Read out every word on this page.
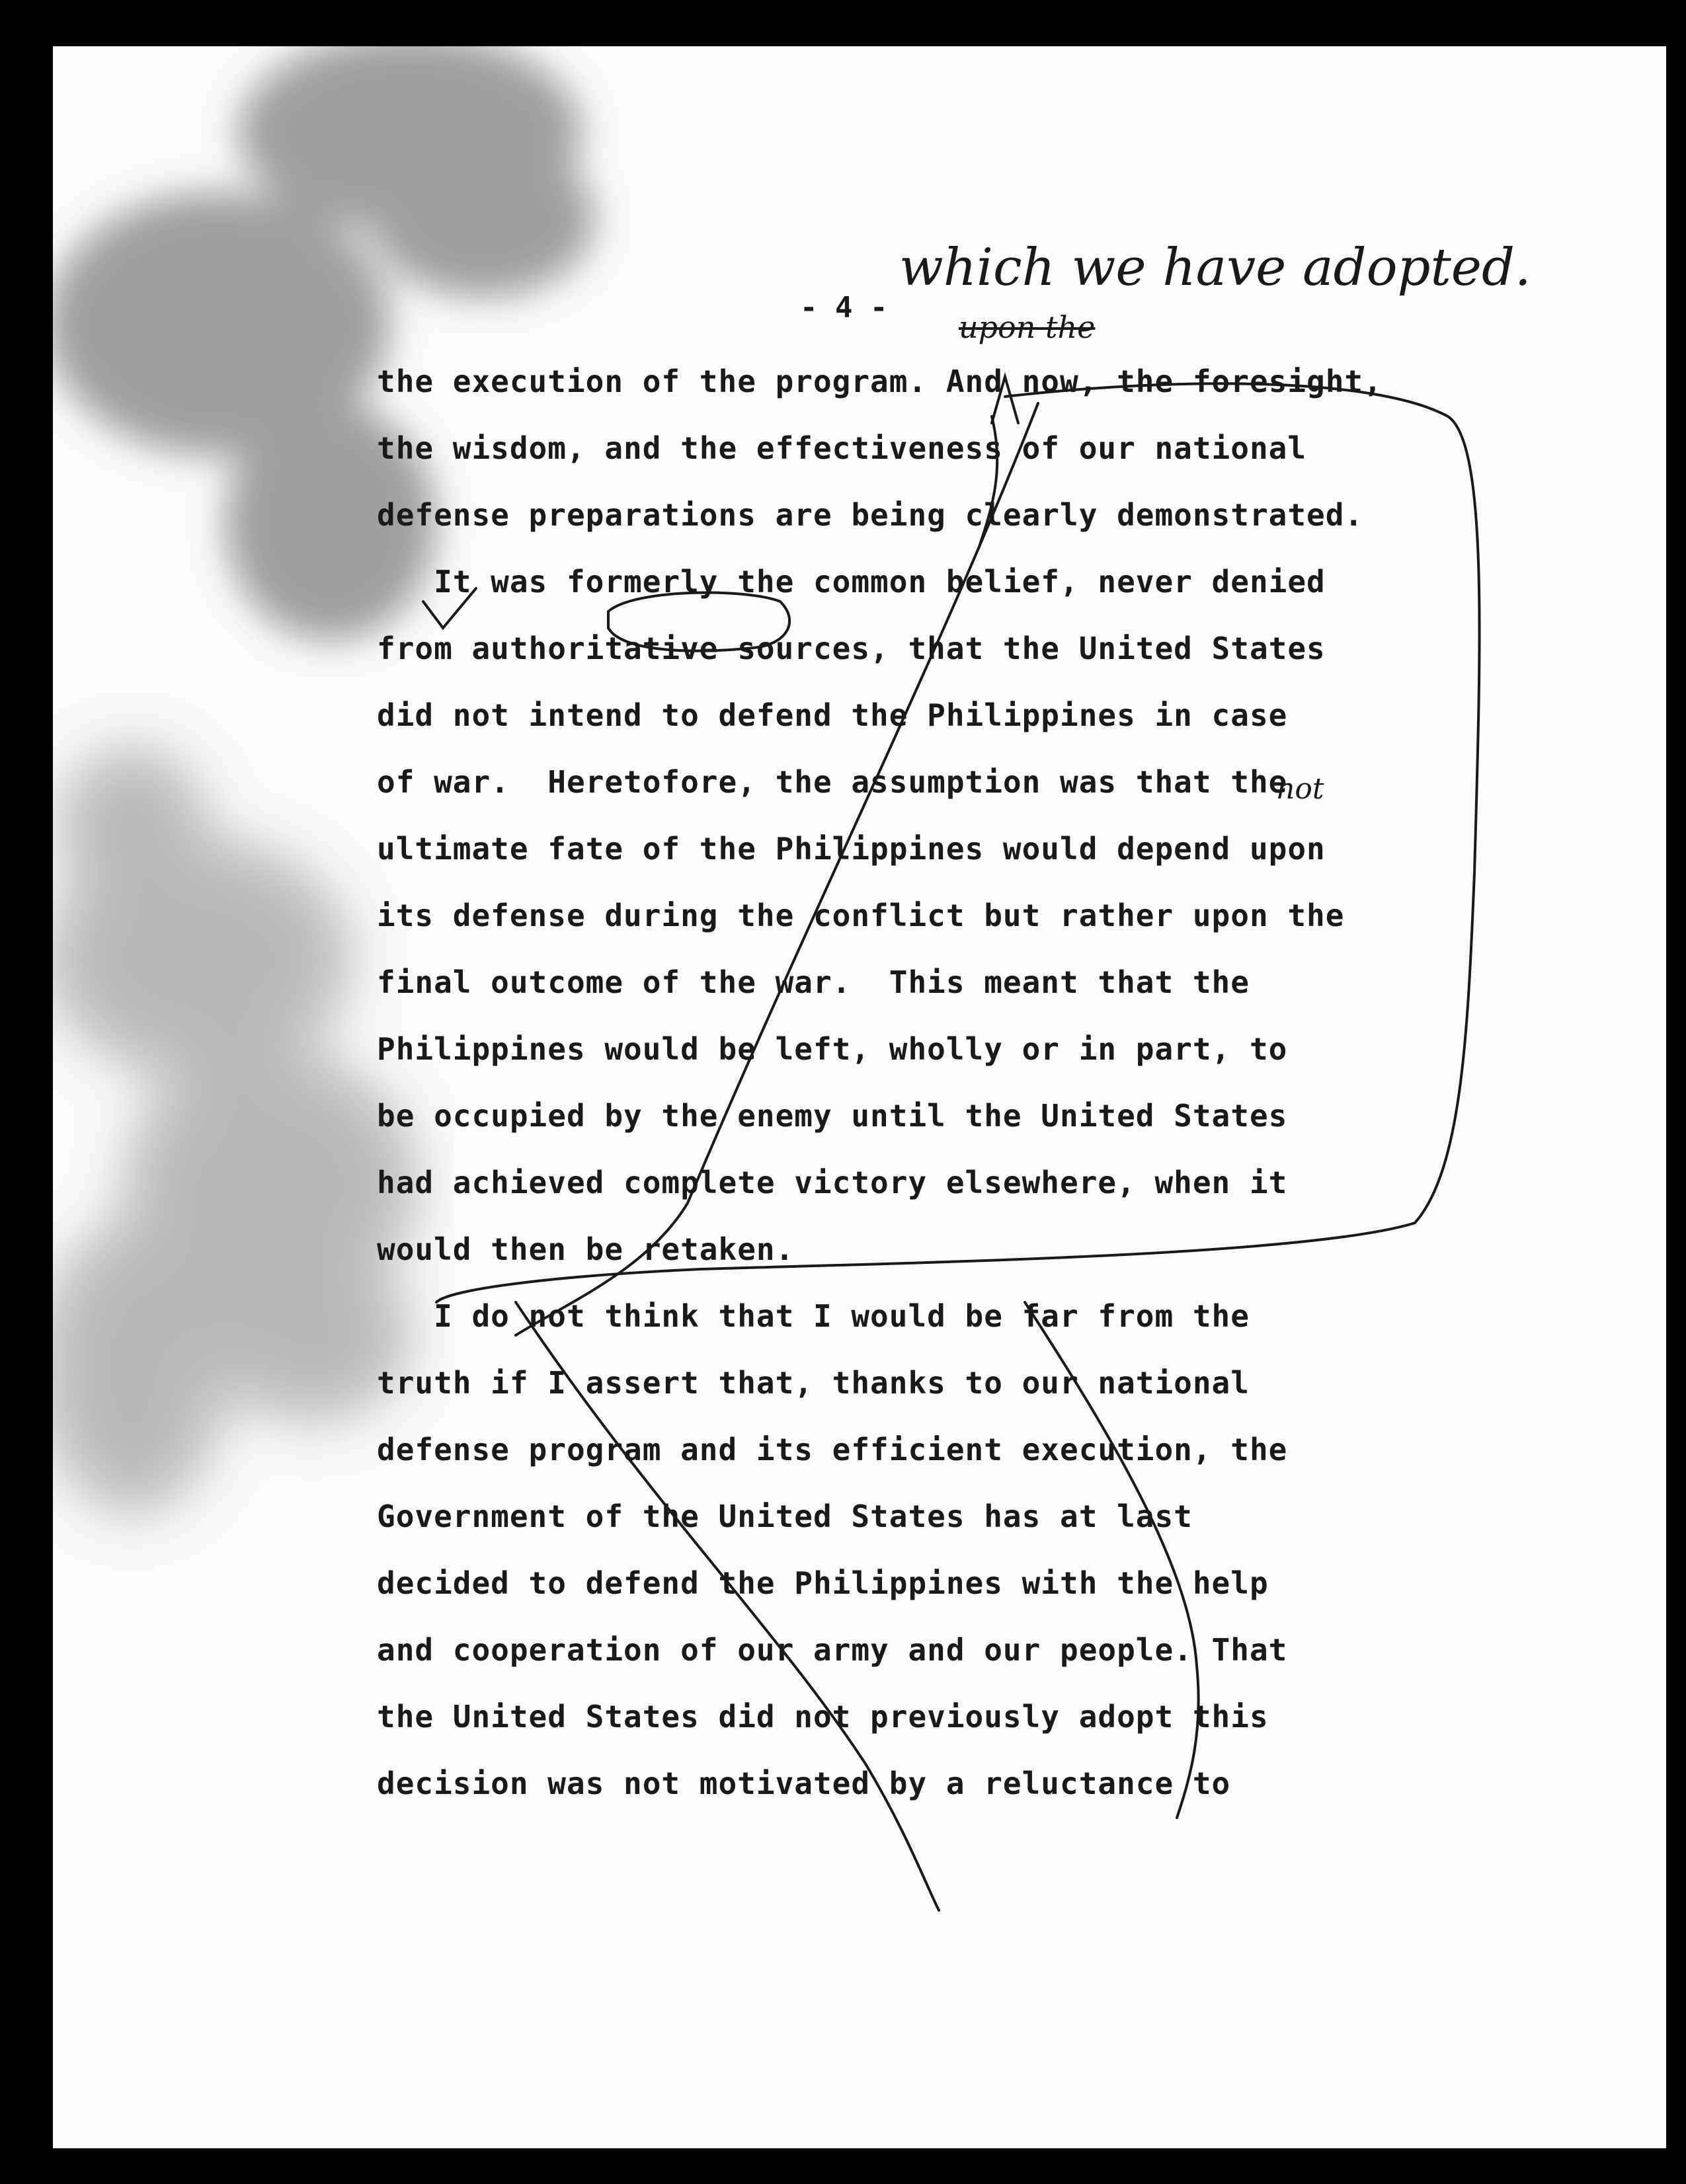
- 4 -
which we have adopted.
upon the
not

the execution of the program. And now, the foresight,

the wisdom, and the effectiveness of our national

defense preparations are being clearly demonstrated.

It was formerly the common belief, never denied

from authoritative sources, that the United States

did not intend to defend the Philippines in case

of war.  Heretofore, the assumption was that the

ultimate fate of the Philippines would depend upon

its defense during the conflict but rather upon the

final outcome of the war.  This meant that the

Philippines would be left, wholly or in part, to

be occupied by the enemy until the United States

had achieved complete victory elsewhere, when it

would then be retaken.

I do not think that I would be far from the

truth if I assert that, thanks to our national

defense program and its efficient execution, the

Government of the United States has at last

decided to defend the Philippines with the help

and cooperation of our army and our people. That

the United States did not previously adopt this

decision was not motivated by a reluctance to
